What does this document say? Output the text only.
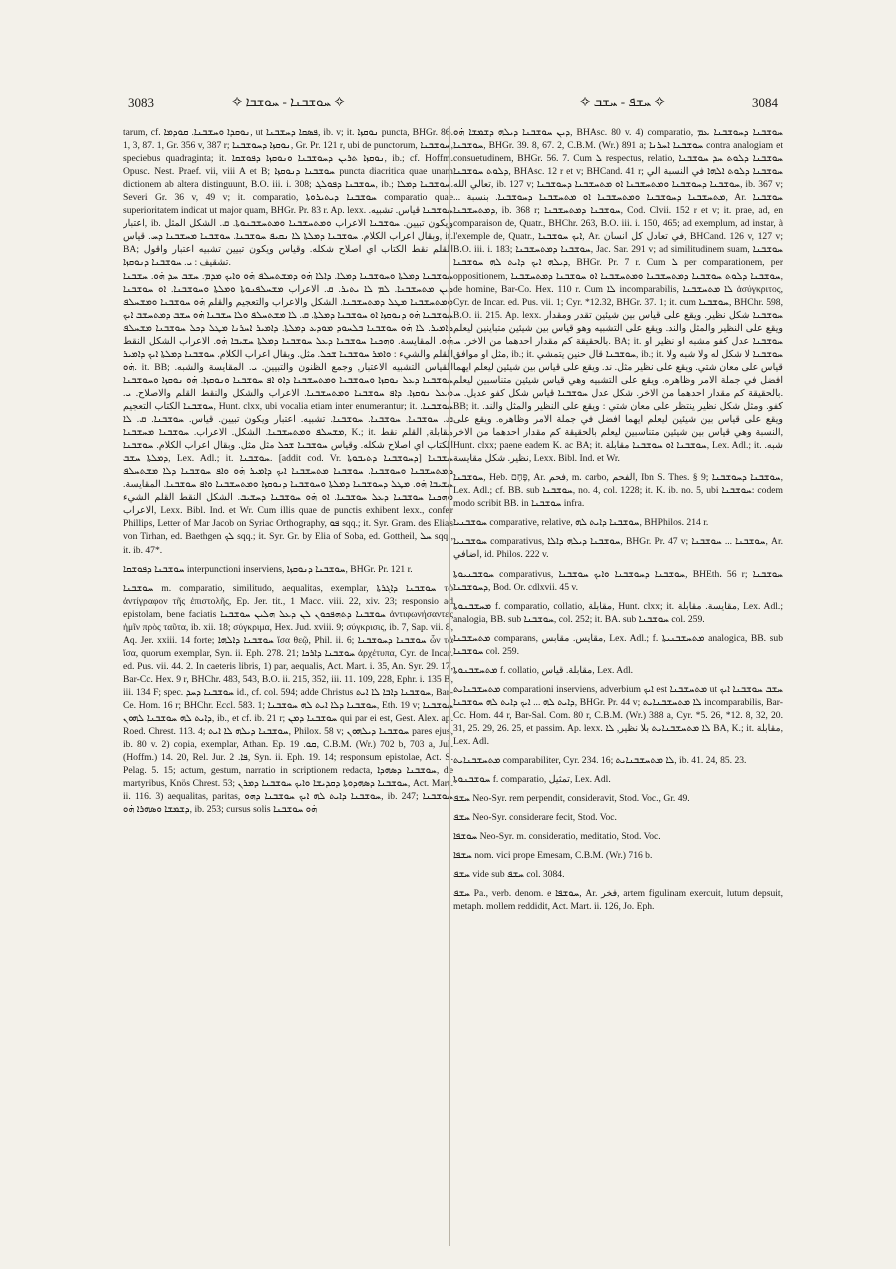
3083	✧ ܚܘܫܒܢܐ - ܚܘܫܒܐ ✧	✧ ܚܫܦ - ܚܫܒ ✧	3084

tarum, cf. ܢܘܩܕܐ ܘܚܫܒܢܐ. ܩܘܕܡܐ, ut ܦܣܩܐ ܕܚܫܒܢܐ, ib. v; it. ܢܘܩܙܐ puncta, BHGr. 86. 1, 3, 87. 1, Gr. 356 v, 387 r; ܢܘܩܙܐ ܕܚܘܫܒܢܐ, Gr. Pr. 121 r, ubi de punctorum, ܚܘܫܒܢܐ, speciebus quadraginta; it. ܢܘܩܙܐ ܬܪܝܢ ܕܚܘܫܒܢܐ ܘܢܘܩܙܐ ܕܦܘܫܩܐ, ib.; cf. Hoffm. Opusc. Nest. Praef. vii, viii A et B; ܚܘܫܒܢܐ ܕܢܘܩܙܐ puncta diacritica quae unam dictionem ab altera distinguunt, B.O. iii. i. 308; ܚܘܫܒܢܐ ܕܦܘܠܓ, ib.; ܚܘܫܒܢܐ ܕܡܠܐ. Severi Gr. 36 v, 49 v; it. comparatio, ܚܘܫܒܢܐ ܕܝܬܝܪܘܬܐ comparatio quae superioritatem indicat ut major quam, BHGr. Pr. 83 r. Ap. lexx. ܚܘܫܒܢܐ قياس. تشبيه. اعتبار, ib. ويكون تبيين. ܚܘܫܒܢܐ الاعراب ܘܡܬܚܫܒܢܐ ܘܡܬܚܫܒܢܘܬܐ. ܩ. الشكل المثل وبقال اعراب الكلام. ܚܘܫܒܢܐ ܕܡܠܬܐ ܠܐ ܢܩܝܦ ܚܘܫܒܢܐ. ܚܘܫܒܢܐ ܡܚܫܒܢܐ ܕܚ. قياس, it. BA; القلم نقط الكتاب اي اصلاح شكله. وقياس ويكون تبيين تشبيه اعتبار واقول تشقيف : ܝ. ܚܘܫܒܢܐ ܕܢܘܩܙܐ.

ܚܘܫܒܢܐ ܕܡܠܬܐ ܘܚܘܫܒܢܐ ܕܡܠܐ. ܕܐܠܐ ܗ̇ܘ ܕܡܫܬܚܠܦ ܗ̇ܘ ܘܐܝܟ ܡܕܡ. ܚܫܒ ܚܕ ܗ̇ܘ. ܚܫܒܢܐ ܕܝܢ ܡܬܚܫܒܢܐ. ܠܡ ܠܐ ܝܬܝܪ. ܩ. الاعراب ܡܫܚܠܦܢܘܬܐ ܘܡܠܬܐ ܘܚܘܫܒܢܐ. ܐܘ ܚܘܫܒܢܐ ܘܡܬܚܫܒܢܐ ܡܛܠ ܕܡܬܚܫܒܢܐ. الشكل والاعراب والتعجيم والقلم ܗ̇ܘ ܚܘܫܒܢܐ ܘܡܫܚܠܦ ܚܘܫܒܢܐ ܗ̇ܘ ܕܢܘܩܙܐ ܐܘ ܚܘܫܒܢܐ ܕܡܠܬܐ. ܩ. ܠܐ ܡܫܬܚܠܦ ܘܠܐ ܚܫܒܢܐ ܗ̇ܘ ܚܫܒ ܕܡܬܚܫܒ ܐܝܟ ܕܐܡܝܪ. ܠܐ ܗ̇ܘ ܚܘܫܒܢܐ ܒܠܚܘܕ ܡܘܕܥ ܕܡܠܬܐ. ܕܐܡܝܪ ܐܚܪܢܐ ܡܛܠ ܕܟܠ ܚܘܫܒܢܐ ܡܫܚܠܦ ܗ̇ܘ. المقايسة. ܘܗܟܢܐ ܚܘܫܒܢܐ ܕܥܠ ܚܘܫܒܢܐ ܕܡܠܬܐ ܚܫܝܒܐ ܗ̇ܘ. الاعراب الشكل النقط القلم والشيء : ܘܐܡܪ ܚܘܫܒܢܐ ܫܟܠ. مثل. وبقال اعراب الكلام. ܚܘܫܒܢܐ ܕܡܠܬܐ ܐܝܟ ܕܐܡܝܪ ܗ̇ܘ. it. BB; القياس التشبيه الاعتبار, وجمع الظنون والتبيين. ܝ. المقايسة والشبه. ܚܘܫܒܢܐ ܕܥܠ ܢܘܩܙܐ ܘܚܘܫܒܢܐ ܘܡܬܚܫܒܢܐ ܕܐܘ ܐܦ ܚܘܫܒܢܐ ܘܢܘܩܙܐ. ܗ̇ܘ ܢܘܩܙܐ ܘܚܘܫܒܢܐ ܘܥܠ ܢܘܩܙܐ. ܕܐܦ ܚܘܫܒܢܐ ܘܡܬܚܫܒܢܐ. الاعراب والشكل والنقط القلم والاصلاح. ܝ. ܚܘܫܒܢܐ الكتاب التعجيم, Hunt. clxx, ubi vocalia etiam inter enumerantur; it. ܚܘܫܒܢܐ. ܩ. ܚܘܫܒܢܐ. ܚܘܫܒܢܐ. ܚܘܫܒܢܐ. تشبيه. اعتبار ويكون تبيين. قياس. ܚܘܫܒܢܐ. ܩ. ܠܐ ܡܫܚܠܦ ܘܡܬܚܫܒܢܐ. الشكل. الاعراب. ܚܘܫܒܢܐ ܡܚܫܒܢܐ, K.; it. مقابلة, القلم نقط الكتاب اي اصلاح شكله. وقياس ܚܘܫܒܢܐ ܫܟܠ مثل مثل. وبقال اعراب الكلام. ܚܘܫܒܢܐ ܕܡܠܬܐ ܚܫܒ, Lex. Adl.; it. ܚܘܫܒܢܐ. [addit cod. Vr. ܕܚܘܫܒܢܐ ܕܬܝܒܘܬܐ] ܚܫܒܢܐ ܕܡܬܚܫܒܢܐ ܘܚܘܫܒܢܐ. ܚܘܫܒܢܐ ܡܬܚܫܒܢܐ ܐܝܟ ܕܐܡܝܪ ܗ̇ܘ ܘܐܦ ܚܘܫܒܢܐ ܕܠܐ ܡܫܬܚܠܦ ܚܫܝܒܐ ܗ̇ܘ. ܡܛܠ ܕܚܘܫܒܢܐ ܕܡܠܬܐ ܘܚܘܫܒܢܐ ܕܢܘܩܙܐ ܘܡܬܚܫܒܢܐ ܘܐܦ ܚܘܫܒܢܐ. المقايسة. ܘܗܟܢܐ ܚܘܫܒܢܐ ܕܥܠ ܚܘܫܒܢܐ. ܐܘ ܗ̇ܘ ܚܘܫܒܢܐ ܕܚܫܝܒ. الشكل النقط القلم الشيء الاعراب, Lexx. Bibl. Ind. et Wr. Cum illis quae de punctis exhibent lexx., confer Phillips, Letter of Mar Jacob on Syriac Orthography, ܦܘ sqq.; it. Syr. Gram. des Elias von Tirhan, ed. Baethgen ܠܟ sqq.; it. Syr. Gr. by Elia of Soba, ed. Gottheil, ܚܠ sqq., it. ib. 47*.

ܚܘܫܒܢܐ ܕܦܘܫܩܐ interpunctioni inserviens, ܚܘܫܒܢܐ ܕܢܘܩܙܐ, BHGr. Pr. 121 r.

ܚܘܫܒܢܐ m. comparatio, similitudo, aequalitas, exemplar, ܚܘܫܒܢܐ ܕܐܓܪܬܐ τὸ ἀντίγραφον τῆς ἐπιστολῆς, Ep. Jer. tit., 1 Macc. viii. 22, xiv. 23; responsio ad epistolam, bene faciatis ܚܘܫܒܢܐ ܕܬܗܦܟܘܢ ܠܢ ܕܥܠ ܗܠܝܢ ܚܘܫܒܢܐ ἀντιφωνήσαντες ἡμῖν πρὸς ταῦτα, ib. xii. 18; σύγκριμα, Hex. Jud. xviii. 9; σύγκρισις, ib. 7, Sap. vii. 8, Aq. Jer. xxiii. 14 forte; ܚܘܫܒܢܐ ܕܐܠܗܐ ἴσα θεῷ, Phil. ii. 6; ܚܘܫܒܢܐ ܕܚܘܫܒܢܐ ὧν τὰ ἴσα, quorum exemplar, Syn. ii. Eph. 278. 21; ܚܘܫܒܢܐ ܕܐܪܟܐ ἀρχέτυπα, Cyr. de Incar. ed. Pus. vii. 44. 2. In caeteris libris, 1) par, aequalis, Act. Mart. i. 35, An. Syr. 29. 17, Bar-Cc. Hex. 9 r, BHChr. 483, 543, B.O. ii. 215, 352, iii. 11. 109, 228, Ephr. i. 135 B, iii. 134 F; spec. ܚܘܫܒܢܐ ܕܚܕ id., cf. col. 594; adde Christus ܚܘܫܒܢܐ ܕܐܒܐ ܠܐ ܐܝܬ, Bar-Ce. Hom. 16 r; BHChr. Eccl. 583. 1; ܚܘܫܒܢܐ ܕܠܐ ܐܝܬ ܠܗ ܚܘܫܒܢܐ, Eth. 19 v; ܚܘܫܒܢܐ ܕܐܝܬ ܠܗ ܚܘܫܒܢܐ ܠܗܘܢ, ib., et cf. ib. 21 r; ܚܘܫܒܢܐ ܕܡܢ qui par ei est, Gest. Alex. ap. Roed. Chrest. 113. 4; ܚܘܫܒܢܐ ܕܝܠܗ ܠܐ ܐܝܬ, Philox. 58 v; ܚܘܫܒܢܐ ܕܝܠܗܘܢ pares ejus, ib. 80 v. 2) copia, exemplar, Athan. Ep. ܩܘ. 19, C.B.M. (Wr.) 702 b, 703 a, Jul. (Hoffm.) 14. 20, Rel. Jur. ܦܐ. 2, Syn. ii. Eph. 19. 14; responsum epistolae, Act. S. Pelag. 5. 15; actum, gestum, narratio in scriptionem redacta, ܚܘܫܒܢܐ ܕܣܗܕܐ, de martyribus, Knös Chrest. 53; ܚܘܫܒܢܐ ܕܣܗܕܘܬܐ ܕܩܕܝܫܐ ܘܐܝܟ ܚܘܫܒܢܐ ܕܡܪܢ, Act. Mart. ii. 116. 3) aequalitas, paritas, ܚܘܫܒܢܐ ܕܐܝܬ ܠܗ ܐܝܟ ܚܘܫܒܢܐ ܕܗܘ, ib. 247; ܚܘܫܒܢܐ ܕܫܡܫܐ ܘܣܗܪܐ ܗ̇ܘ, ib. 253; cursus solis ܗ̇ܘ ܚܘܫܒܢܐ

ܕܝܢ ܚܘܫܒܢܐ ܕܝܠܗ ܕܫܡܫܐ ܗ̇ܘ, BHAsc. 80 v. 4) comparatio, ܚܘܫܒܢܐ ܕܚܘܫܒܢܐ ܥܡ ܚܘܫܒܢܐ, BHGr. 39. 8, 67. 2, C.B.M. (Wr.) 891 a; ܚܘܫܒܢܐ ܐܚܪܢܐ contra analogiam et consuetudinem, BHGr. 56. 7. Cum ܠ respectus, relatio, ܚܘܫܒܢܐ ܕܠܘܬ ܚܕ ܚܘܫܒܢܐ ܕܠܘܬ ܚܘܫܒܢܐ, BHAsc. 12 r et v; BHCand. 41 r; ܚܘܫܒܢܐ ܕܠܘܬ ܐܠܗܐ في النسبة الي تعالي الله, ib. 127 v; ܚܘܫܒܢܐ ܕܚܘܫܒܢܐ ܘܡܬܚܫܒܢܐ ܐܘ ܡܬܚܫܒܢܐ ܕܚܘܫܒܢܐ, ib. 367 v; ... ܡܬܚܫܒܢܐ ܕܚܘܫܒܢܐ ܘܡܬܚܫܒܢܐ ܐܘ ܡܬܚܫܒܢܐ ܕܚܘܫܒܢܐ. بنسبة, Ar. ܚܘܫܒܢܐ ܕܡܬܚܫܒܢܐ, ib. 368 r; ܚܘܫܒܢܐ ܕܡܬܚܫܒܢܐ, Cod. Clvii. 152 r et v; it. prae, ad, en comparaison de, Quatr., BHChr. 263, B.O. iii. i. 150, 465; ad exemplum, ad instar, à l'exemple de, Quatr., ܐܝܟ ܚܘܫܒܢܐ, Ar. في تعادل كل انسان, BHCand. 126 v, 127 v; B.O. iii. i. 183; ܚܘܫܒܢܐ ܕܡܬܚܫܒܢܐ, Jac. Sar. 291 v; ad similitudinem suam, ܚܘܫܒܢܐ ܕܝܠܗ ܐܝܟ ܕܐܝܬ ܠܗ ܚܘܫܒܢܐ, BHGr. Pr. 7 r. Cum ܠ per comparationem, per oppositionem, ܚܘܫܒܢܐ ܕܠܘܬ ܚܘܫܒܢܐ ܕܡܬܚܫܒܢܐ ܘܡܬܚܫܒܢܐ ܐܘ ܚܘܫܒܢܐ ܕܡܬܚܫܒܢܐ, de homine, Bar-Co. Hex. 110 r. Cum ܠܐ incomparabilis, ܠܐ ܡܬܚܫܒܢܐ ἀσύγκριτος, Cyr. de Incar. ed. Pus. vii. 1; Cyr. *12.32, BHGr. 37. 1; it. cum ܚܘܫܒܢܐ, BHChr. 598, B.O. ii. 215. Ap. lexx. ܚܘܫܒܢܐ شكل نظير. ويقع على قياس بين شيئين تقدر ومقدار ويقع على النظير والمثل والند. ويقع على التشبيه وهو قياس بين شيئين متباينين ليعلم بالحقيقة كم مقدار احدهما من الاخر. ܚ. BA; it. ܚܘܫܒܢܐ عدل كفو مشبه او نظير او مثل او موافق, ib.; it. ܚܘܫܒܢܐ قال حنين يتمشي, ib.; it. ܚܘܫܒܢܐ لا شكل له ولا شبه ولا قياس على معان شتي. ويقع على نظير مثل. ند. ويقع على قياس بين شيئين ليعلم ايهما افضل في جملة الامر وظاهره. ويقع على التشبيه وهي قياس شيئين متناسبين ليعلم بالحقيقة كم مقدار احدهما من الاخر. شكل عدل ܚܘܫܒܢܐ قياس شكل كفو عديل. ܚ. BB; it. كفو. ومثل شكل نظير ينتظر على معان شتي : ويقع على النظير والمثل والند. ويقع على قياس بين شيئين ليعلم ايهما افضل في جملة الامر وظاهره. ويقع على النسبة وهي قياس بين شيئين متناسبين ليعلم بالحقيقة كم مقدار احدهما من الاخر, Hunt. clxx; paene eadem K. ac BA; it. ܚܘܫܒܢܐ ܐܘ ܚܘܫܒܢܐ مقابلة, Lex. Adl.; it. شبه. نظير. شكل مقايسة, Lexx. Bibl. Ind. et Wr.

ܚܘܫܒܢܐ, Heb. פֶּחָם, Ar. فحم, m. carbo, الفحم, Ibn S. Thes. § 9; ܚܘܫܒܢܐ ܕܚܘܫܒܢܐ, Lex. Adl.; cf. BB. sub ܚܘܫܒܢܐ, no. 4, col. 1228; it. K. ib. no. 5, ubi ܚܘܫܒܢܐ: codem modo scribit BB. in ܚܘܫܒܢܐ infra.

ܚܘܫܒܢܝܐ comparative, relative, ܚܘܫܒܢܐ ܕܐܝܬ ܠܗ, BHPhilos. 214 r.

ܚܘܫܒܢܝܐ comparativus, ܚܘܫܒܢܐ ܕܝܠܗ ܕܐܠܐ, BHGr. Pr. 47 v; ܚܘܫܒܢܐ ... ܚܘܫܒܢܐ, Ar. اضافي, id. Philos. 222 v.

ܚܘܫܒܢܝܘܬܐ comparativus, ܚܘܫܒܢܐ ܕܚܘܫܒܢܐ ܘܐܝܟ ܚܘܫܒܢܐ, BHEth. 56 r; ܚܘܫܒܢܐ ܕܚܘܫܒܢܐ, Bod. Or. cdlxvii. 45 v.

ܡܚܫܒܢܘܬܐ f. comparatio, collatio, مقابلة, Hunt. clxx; it. مقايسة. مقابلة, Lex. Adl.; analogia, BB. sub ܚܘܫܒܢܐ, col. 252; it. BA. sub ܚܘܫܒܢܐ col. 259.

ܡܬܚܫܒܢܐ comparans, مقايس. مقابس, Lex. Adl.; f. ܡܬܚܫܒܢܝܬܐ analogica, BB. sub ܚܘܫܒܢܐ col. 259.

ܡܬܚܫܒܢܘܬܐ f. collatio, مقابلة. قياس, Lex. Adl.

ܡܬܚܫܒܢܐܝܬ comparationi inserviens, adverbium ܐܝܟ est ܡܬܚܫܒܢܐ ut ܚܫܒ ܚܘܫܒܢܐ ܐܝܟ ܕܐܝܬ ܠܗ ... ܐܝܟ ܕܐܝܬ ܠܗ ܚܘܫܒܢܐ, BHGr. Pr. 44 v; ܠܐ ܡܬܚܫܒܢܐܝܬ incomparabilis, Bar-Cc. Hom. 44 r, Bar-Sal. Com. 80 r, C.B.M. (Wr.) 388 a, Cyr. *5. 26, *12. 8, 32, 20. 31, 25. 29, 26. 25, et passim. Ap. lexx. ܠܐ ܡܬܚܫܒܢܐܝܬ بلا نظير, ܠܐ BA, K.; it. مقابلة, Lex. Adl.

ܡܬܚܫܒܢܐܝܬ comparabiliter, Cyr. 234. 16; ܠܐ ܡܬܚܫܒܢܐܝܬ, ib. 41. 24, 85. 23.

ܚܘܫܒܢܘܬܐ f. comparatio, تمثيل, Lex. Adl.

ܚܫܦ Neo-Syr. rem perpendit, consideravit, Stod. Voc., Gr. 49.

ܚܫܦ Neo-Syr. considerare fecit, Stod. Voc.

ܚܘܫܦܐ Neo-Syr. m. consideratio, meditatio, Stod. Voc.

ܚܫܦܐ nom. vici prope Emesam, C.B.M. (Wr.) 716 b.

ܚܫܦ vide sub ܚܫܦ col. 3084.

ܚܫܦ Pa., verb. denom. e ܚܘܫܦܐ, Ar. فخر, artem figulinam exercuit, lutum depsuit, metaph. mollem reddidit, Act. Mart. ii. 126, Jo. Eph.
